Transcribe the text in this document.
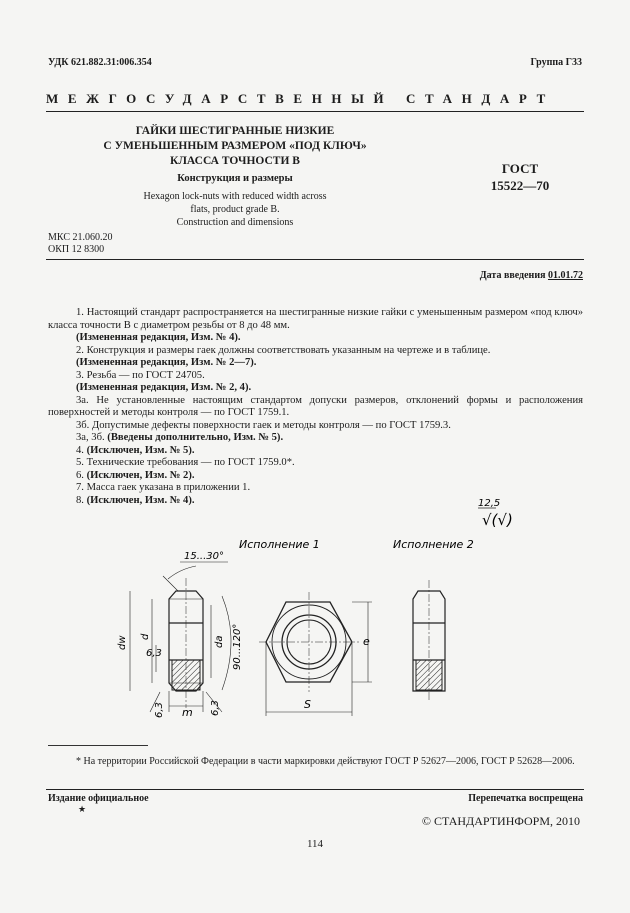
УДК 621.882.31:006.354	Группа Г33
МЕЖГОСУДАРСТВЕННЫЙ СТАНДАРТ
ГАЙКИ ШЕСТИГРАННЫЕ НИЗКИЕ
С УМЕНЬШЕННЫМ РАЗМЕРОМ «ПОД КЛЮЧ»
КЛАССА ТОЧНОСТИ В
Конструкция и размеры
Hexagon lock-nuts with reduced width across
flats, product grade B.
Construction and dimensions
ГОСТ
15522—70
МКС 21.060.20
ОКП 12 8300
Дата введения 01.01.72

1. Настоящий стандарт распространяется на шестигранные низкие гайки с уменьшенным размером «под ключ» класса точности В с диаметром резьбы от 8 до 48 мм.

(Измененная редакция, Изм. № 4).

2. Конструкция и размеры гаек должны соответствовать указанным на чертеже и в таблице.

(Измененная редакция, Изм. № 2—7).

3. Резьба — по ГОСТ 24705.

(Измененная редакция, Изм. № 2, 4).

3а. Не установленные настоящим стандартом допуски размеров, отклонений формы и расположения поверхностей и методы контроля — по ГОСТ 1759.1.

3б. Допустимые дефекты поверхности гаек и методы контроля — по ГОСТ 1759.3.

3а, 3б. (Введены дополнительно, Изм. № 5).

4. (Исключен, Изм. № 5).

5. Технические требования — по ГОСТ 1759.0*.

6. (Исключен, Изм. № 2).

7. Масса гаек указана в приложении 1.

8. (Исключен, Изм. № 4).	12,5
√(√)
Исполнение 1	Исполнение 2
15...30°
90...120°
dw d	da
6,3
6,3	6,3
m
e
S
* На территории Российской Федерации в части маркировки действуют ГОСТ Р 52627—2006, ГОСТ Р 52628—2006.
Издание официальное	Перепечатка воспрещена
★
© СТАНДАРТИНФОРМ, 2010
114
